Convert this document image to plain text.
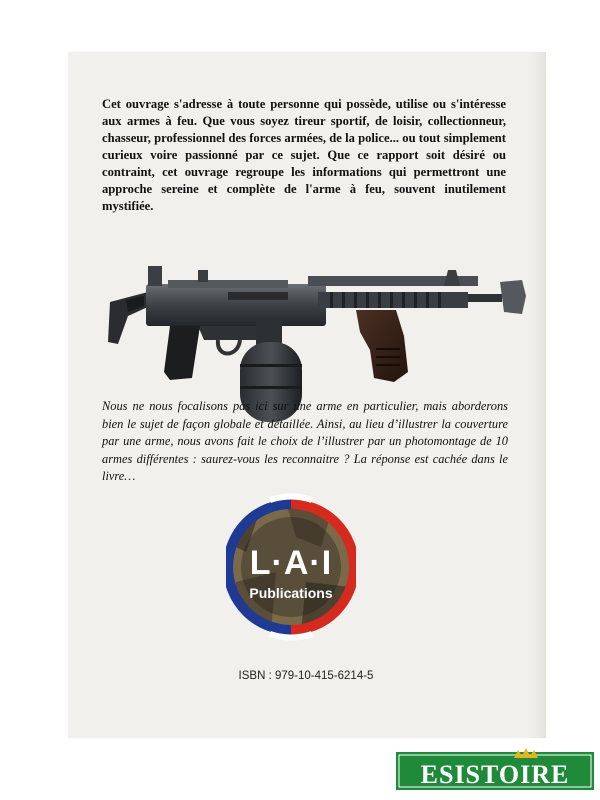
Cet ouvrage s'adresse à toute personne qui possède, utilise ou s'intéresse aux armes à feu. Que vous soyez tireur sportif, de loisir, collectionneur, chasseur, professionnel des forces armées, de la police... ou tout simplement curieux voire passionné par ce sujet. Que ce rapport soit désiré ou contraint, cet ouvrage regroupe les informations qui permettront une approche sereine et complète de l'arme à feu, souvent inutilement mystifiée.

Nous ne nous focalisons pas ici sur une arme en particulier, mais aborderons bien le sujet de façon globale et détaillée. Ainsi, au lieu d’illustrer la couverture par une arme, nous avons fait le choix de l’illustrer par un photomontage de 10 armes différentes : saurez-vous les reconnaitre ? La réponse est cachée dans le livre…

L·A·I
Publications
ISBN : 979-10-415-6214-5
ESISTOIRE
